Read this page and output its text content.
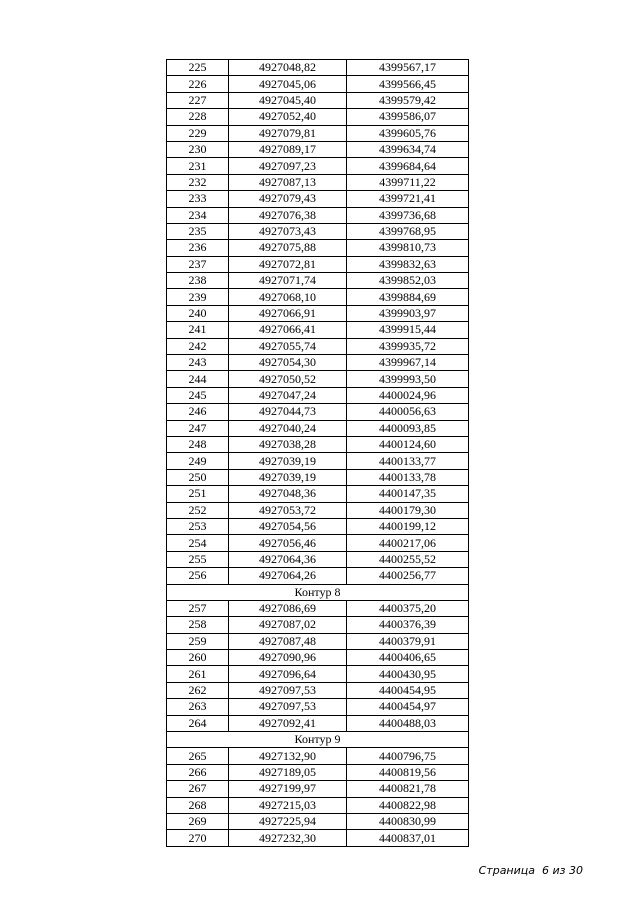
225	4927048,82	4399567,17
226	4927045,06	4399566,45
227	4927045,40	4399579,42
228	4927052,40	4399586,07
229	4927079,81	4399605,76
230	4927089,17	4399634,74
231	4927097,23	4399684,64
232	4927087,13	4399711,22
233	4927079,43	4399721,41
234	4927076,38	4399736,68
235	4927073,43	4399768,95
236	4927075,88	4399810,73
237	4927072,81	4399832,63
238	4927071,74	4399852,03
239	4927068,10	4399884,69
240	4927066,91	4399903,97
241	4927066,41	4399915,44
242	4927055,74	4399935,72
243	4927054,30	4399967,14
244	4927050,52	4399993,50
245	4927047,24	4400024,96
246	4927044,73	4400056,63
247	4927040,24	4400093,85
248	4927038,28	4400124,60
249	4927039,19	4400133,77
250	4927039,19	4400133,78
251	4927048,36	4400147,35
252	4927053,72	4400179,30
253	4927054,56	4400199,12
254	4927056,46	4400217,06
255	4927064,36	4400255,52
256	4927064,26	4400256,77
Контур 8		
257	4927086,69	4400375,20
258	4927087,02	4400376,39
259	4927087,48	4400379,91
260	4927090,96	4400406,65
261	4927096,64	4400430,95
262	4927097,53	4400454,95
263	4927097,53	4400454,97
264	4927092,41	4400488,03
Контур 9		
265	4927132,90	4400796,75
266	4927189,05	4400819,56
267	4927199,97	4400821,78
268	4927215,03	4400822,98
269	4927225,94	4400830,99
270	4927232,30	4400837,01
Страница  6 из 30
